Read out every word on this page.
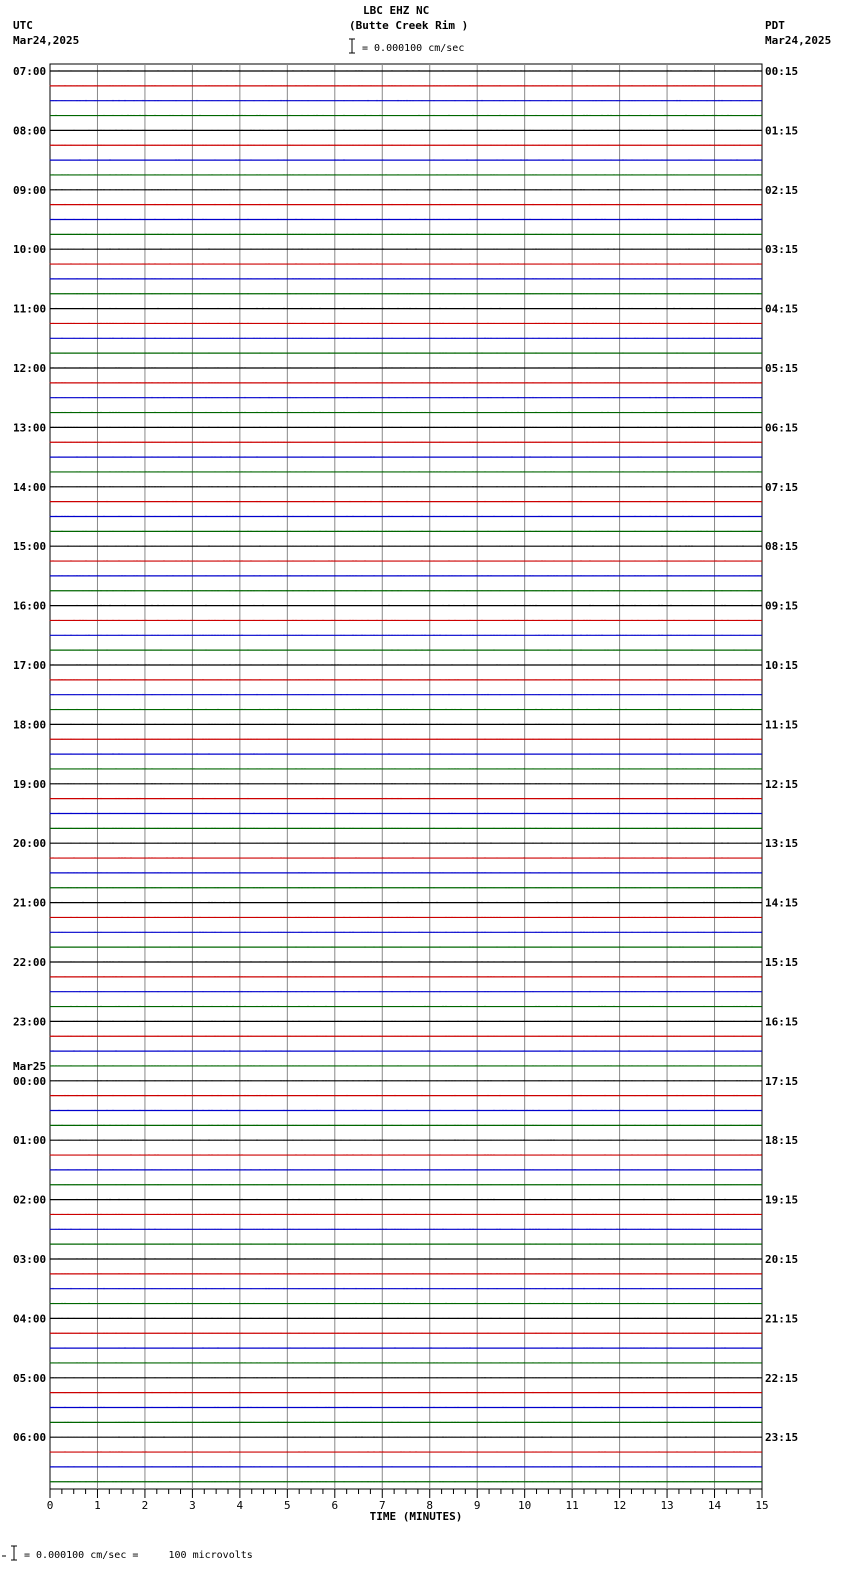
UTC
Mar24,2025
LBC EHZ NC
(Butte Creek Rim )
= 0.000100 cm/sec
PDT
Mar24,2025
= 0.000100 cm/sec =     100 microvolts
07:00
08:00
09:00
10:00
11:00
12:00
13:00
14:00
15:00
16:00
17:00
18:00
19:00
20:00
21:00
22:00
23:00
Mar25
00:00
01:00
02:00
03:00
04:00
05:00
06:00
00:15
01:15
02:15
03:15
04:15
05:15
06:15
07:15
08:15
09:15
10:15
11:15
12:15
13:15
14:15
15:15
16:15
17:15
18:15
19:15
20:15
21:15
22:15
23:15
0	1	2	3	4	5	6	7	8	9	10	11	12	13	14	15
TIME (MINUTES)
